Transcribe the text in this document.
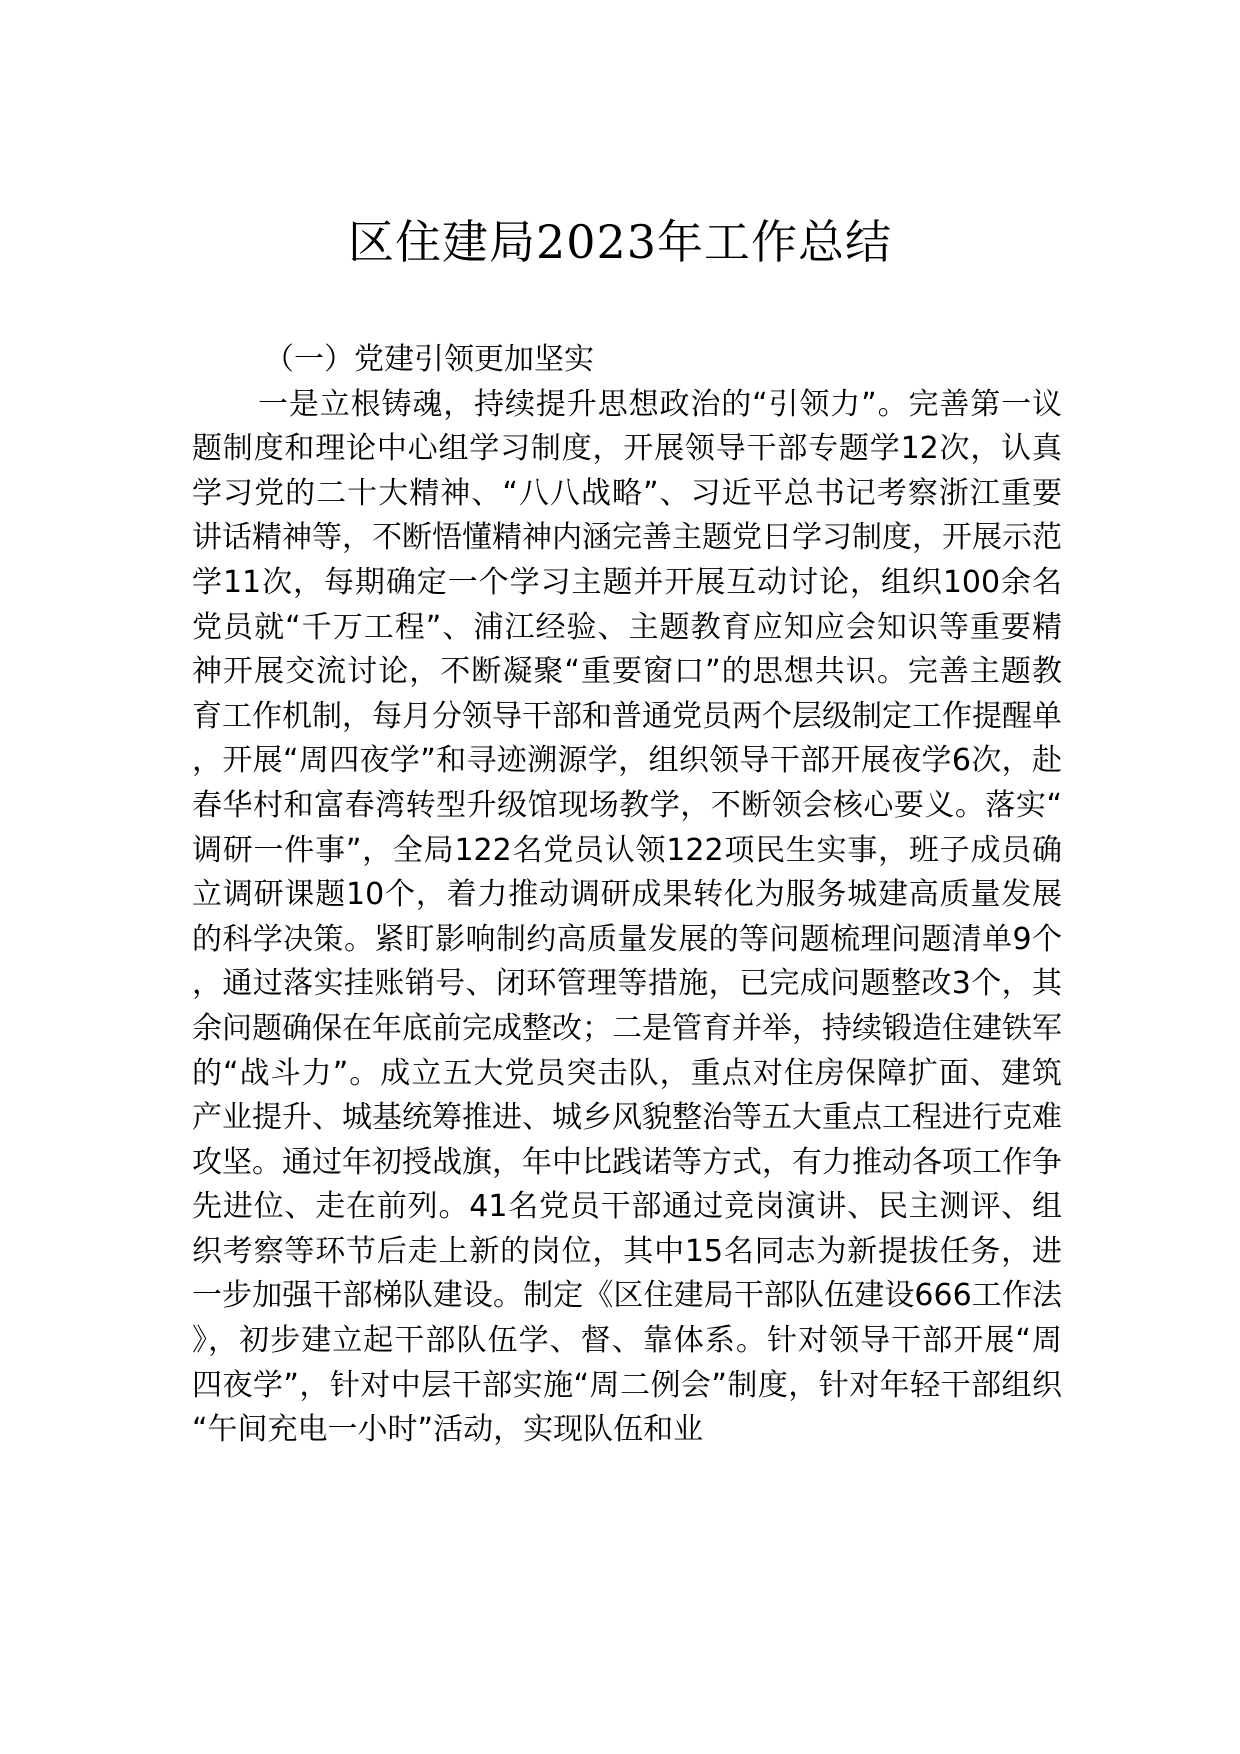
区住建局2023年工作总结
（一）党建引领更加坚实

一是立根铸魂，持续提升思想政治的“引领力”。完善第一议题制度和理论中心组学习制度，开展领导干部专题学12次，认真学习党的二十大精神、“八八战略”、习近平总书记考察浙江重要讲话精神等，不断悟懂精神内涵完善主题党日学习制度，开展示范学11次，每期确定一个学习主题并开展互动讨论，组织100余名党员就“千万工程”、浦江经验、主题教育应知应会知识等重要精神开展交流讨论，不断凝聚“重要窗口”的思想共识。完善主题教育工作机制，每月分领导干部和普通党员两个层级制定工作提醒单，开展“周四夜学”和寻迹溯源学，组织领导干部开展夜学6次，赴春华村和富春湾转型升级馆现场教学，不断领会核心要义。落实“调研一件事”，全局122名党员认领122项民生实事，班子成员确立调研课题10个，着力推动调研成果转化为服务城建高质量发展的科学决策。紧盯影响制约高质量发展的等问题梳理问题清单9个，通过落实挂账销号、闭环管理等措施，已完成问题整改3个，其余问题确保在年底前完成整改；二是管育并举，持续锻造住建铁军的“战斗力”。成立五大党员突击队，重点对住房保障扩面、建筑产业提升、城基统筹推进、城乡风貌整治等五大重点工程进行克难攻坚。通过年初授战旗，年中比践诺等方式，有力推动各项工作争先进位、走在前列。41名党员干部通过竞岗演讲、民主测评、组织考察等环节后走上新的岗位，其中15名同志为新提拔任务，进一步加强干部梯队建设。制定《区住建局干部队伍建设666工作法》，初步建立起干部队伍学、督、靠体系。针对领导干部开展“周四夜学”，针对中层干部实施“周二例会”制度，针对年轻干部组织“午间充电一小时”活动，实现队伍和业
